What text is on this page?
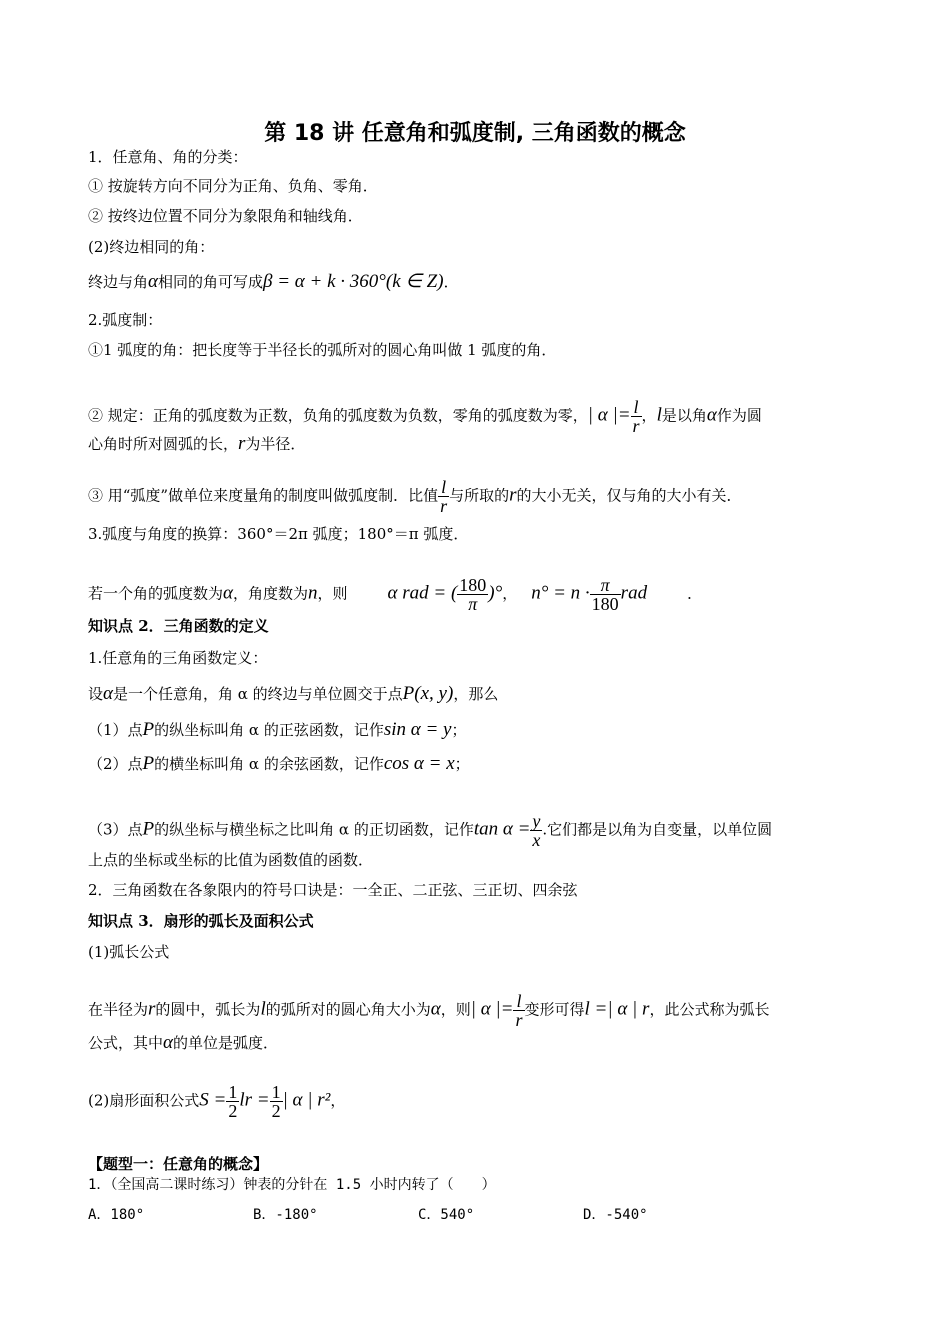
第 18 讲 任意角和弧度制, 三角函数的概念
1．任意角、角的分类：
① 按旋转方向不同分为正角、负角、零角．
② 按终边位置不同分为象限角和轴线角．
(2)终边相同的角：
终边与角α相同的角可写成β = α + k · 360°(k ∈ Z)．
2.弧度制：
①1 弧度的角：把长度等于半径长的弧所对的圆心角叫做 1 弧度的角．
② 规定：正角的弧度数为正数，负角的弧度数为负数，零角的弧度数为零，| α |= $\frac{l}{r}$ ，l是以角α作为圆
心角时所对圆弧的长，r为半径．
③ 用“弧度”做单位来度量角的制度叫做弧度制．比值 $\frac{l}{r}$ 与所取的r的大小无关，仅与角的大小有关．
3.弧度与角度的换算：360°＝2π 弧度；180°＝π 弧度．
若一个角的弧度数为α，角度数为n，则 α rad = ( $\frac{180}{\pi}$ )°， $n^\circ = n \cdot \frac{\pi}{180}$ rad	．
知识点 2．三角函数的定义
1.任意角的三角函数定义：
设α是一个任意角，角 α 的终边与单位圆交于点P(x, y)，那么
（1）点P的纵坐标叫角 α 的正弦函数，记作sin α = y；
（2）点P的横坐标叫角 α 的余弦函数，记作cos α = x；
（3）点P的纵坐标与横坐标之比叫角 α 的正切函数，记作$\tan \alpha = \frac{y}{x}$ .它们都是以角为自变量，以单位圆
上点的坐标或坐标的比值为函数值的函数．
2．三角函数在各象限内的符号口诀是：一全正、二正弦、三正切、四余弦
知识点 3．扇形的弧长及面积公式
(1)弧长公式
在半径为r的圆中，弧长为l的弧所对的圆心角大小为α，则| α |= $\frac{l}{r}$ 变形可得l =| α | r，此公式称为弧长
公式，其中α的单位是弧度．
(2)扇形面积公式$S = \frac{1}{2}$ lr = $\frac{1}{2}$ | α | r²，
【题型一：任意角的概念】
1．（全国高二课时练习）钟表的分针在 1.5 小时内转了（　　）
A．180°	B．-180°	C．540°	D．-540°
